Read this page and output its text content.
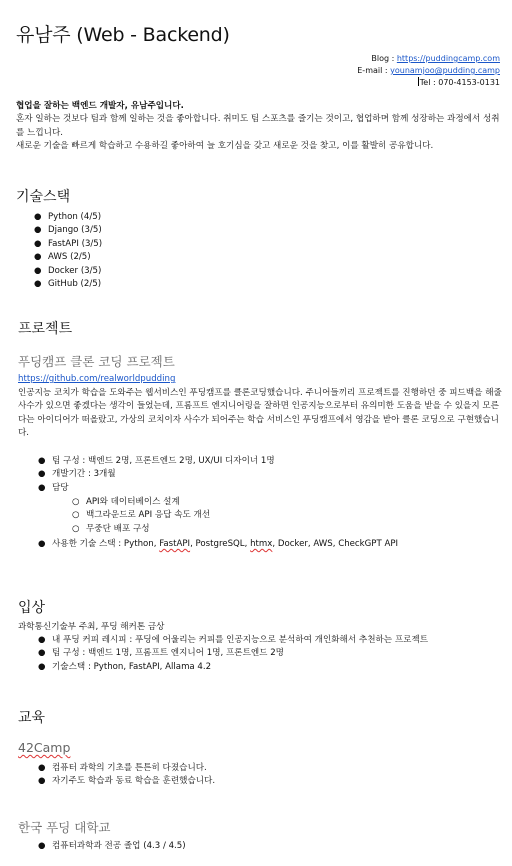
유남주 (Web - Backend)
Blog : https://puddingcamp.com
E-mail : younamjoo@pudding.camp
Tel : 070-4153-0131
협업을 잘하는 백엔드 개발자, 유남주입니다.
혼자 일하는 것보다 팀과 함께 일하는 것을 좋아합니다. 취미도 팀 스포츠를 즐기는 것이고, 협업하며 함께 성장하는 과정에서 성취를 느낍니다.
새로운 기술을 빠르게 학습하고 수용하길 좋아하여 늘 호기심을 갖고 새로운 것을 찾고, 이를 활발히 공유합니다.
기술스택
● Python (4/5)
● Django (3/5)
● FastAPI (3/5)
● AWS (2/5)
● Docker (3/5)
● GitHub (2/5)
프로젝트
푸딩캠프 클론 코딩 프로젝트
https://github.com/realworldpudding
인공지능 코치가 학습을 도와주는 웹서비스인 푸딩캠프를 클론코딩했습니다. 주니어들끼리 프로젝트를 진행하던 중 피드백을 해줄 사수가 있으면 좋겠다는 생각이 들었는데, 프롬프트 엔지니어링을 잘하면 인공지능으로부터 유의미한 도움을 받을 수 있을지 모른다는 아이디어가 떠올랐고, 가상의 코치이자 사수가 되어주는 학습 서비스인 푸딩캠프에서 영감을 받아 클론 코딩으로 구현했습니다.
● 팀 구성 : 백엔드 2명, 프론트엔드 2명, UX/UI 디자이너 1명
● 개발기간 : 3개월
● 담당
○ API와 데이터베이스 설계
○ 백그라운드로 API 응답 속도 개선
○ 무중단 배포 구성
● 사용한 기술 스택 : Python, FastAPI, PostgreSQL, htmx, Docker, AWS, CheckGPT API
입상
과학통신기술부 주최, 푸딩 해커톤 금상
● 내 푸딩 커피 레시피 : 푸딩에 어울리는 커피를 인공지능으로 분석하여 개인화해서 추천하는 프로젝트
● 팀 구성 : 백엔드 1명, 프롬프트 엔지니어 1명, 프론트엔드 2명
● 기술스택 : Python, FastAPI, Allama 4.2
교육
42Camp
● 컴퓨터 과학의 기초를 튼튼히 다졌습니다.
● 자기주도 학습과 동료 학습을 훈련했습니다.
한국 푸딩 대학교
● 컴퓨터과학과 전공 졸업 (4.3 / 4.5)
